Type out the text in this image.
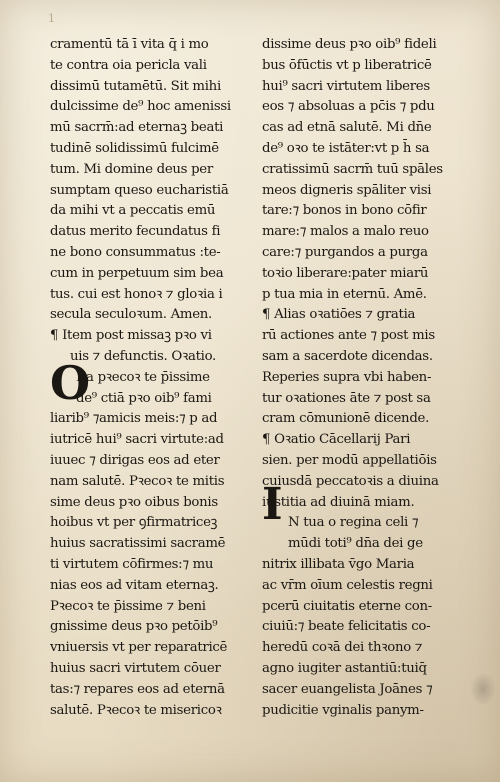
1
O
I
cramentū tā ī vita q̄ i mo
te contra oia pericla vali
dissimū tutamētū. Sit mihi
dulcissime de⁹ hoc amenissi
mū sacrm̄:ad eternaꝫ beati
tudinē solidissimū fulcimē
tum. Mi domine deus per
sumptam queso eucharistiā
da mihi vt a peccatis emū
datus merito fecundatus fi
ne bono consummatus :te-
cum in perpetuum sim bea
tus. cui est honoꝛ ⁊ gloꝛia i
secula seculoꝛum. Amen.
¶ Item post missaꝫ pꝛo vi
uis ⁊ defunctis. Oꝛatio.
Ra pꝛecoꝛ te p̄issime
de⁹ ctiā pꝛo oib⁹ fami
liarib⁹ ⁊amicis meis:⁊ p ad
iutricē hui⁹ sacri virtute:ad
iuuec ⁊ dirigas eos ad eter
nam salutē. Pꝛecoꝛ te mitis
sime deus pꝛo oibus bonis
hoibus vt per ꝯfirmatriceꝫ
huius sacratissimi sacramē
ti virtutem cōfirmes:⁊ mu
nias eos ad vitam eternaꝫ.
Pꝛecoꝛ te p̄issime ⁊ beni
gnissime deus pꝛo petōib⁹
vniuersis vt per reparatricē
huius sacri virtutem cōuer
tas:⁊ repares eos ad eternā
salutē. Pꝛecoꝛ te misericoꝛ
dissime deus pꝛo oib⁹ fideli
bus ōfūctis vt p liberatricē
hui⁹ sacri virtutem liberes
eos ⁊ absoluas a pc̄is ⁊ pdu
cas ad etnā salutē. Mi dn̄e
de⁹ oꝛo te istāter:vt p h̄ sa
cratissimū sacrm̄ tuū spāles
meos digneris spāliter visi
tare:⁊ bonos in bono cōfir
mare:⁊ malos a malo reuo
care:⁊ purgandos a purga
toꝛio liberare:pater miarū
p tua mia in eternū. Amē.
¶ Alias oꝛatiōes ⁊ gratia
rū actiones ante ⁊ post mis
sam a sacerdote dicendas.
Reperies supra vbi haben-
tur oꝛationes āte ⁊ post sa
cram cōmunionē dicende.
¶ Oꝛatio Cācellarij Pari
sien. per modū appellatiōis
cuiusdā peccatoꝛis a diuina
iustitia ad diuinā miam.
N tua o regina celi ⁊
mūdi toti⁹ dn̄a dei ge
nitrix illibata v̄go Maria
ac vr̄m oīum celestis regni
pcerū ciuitatis eterne con-
ciuiū:⁊ beate felicitatis co-
heredū coꝛā dei thꝛono ⁊
agno iugiter astantiū:tuiq̄
sacer euangelista Joānes ⁊
pudicitie vginalis panym-
